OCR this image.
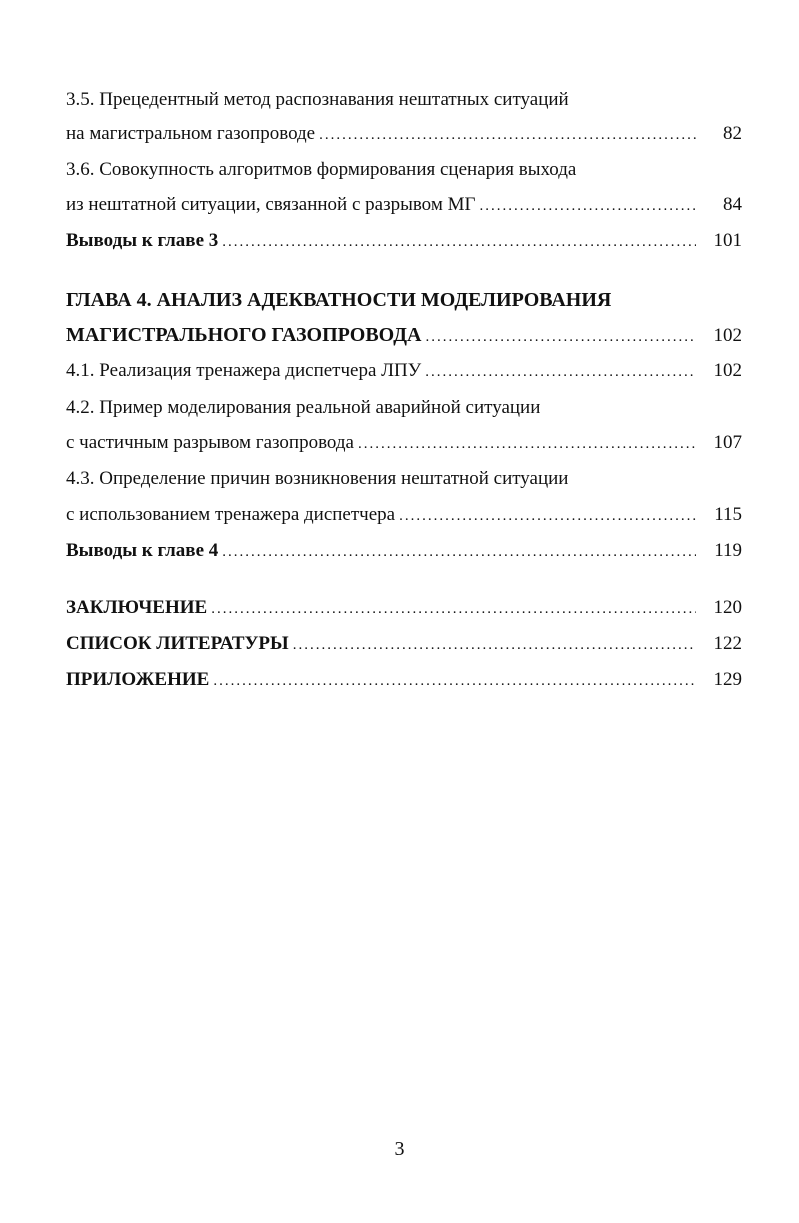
3.5. Прецедентный метод распознавания нештатных ситуаций
на магистральном газопроводе .....	82
3.6. Совокупность алгоритмов формирования сценария выхода
из нештатной ситуации, связанной с разрывом МГ .....	84
Выводы к главе 3 .....	101
ГЛАВА 4. АНАЛИЗ АДЕКВАТНОСТИ МОДЕЛИРОВАНИЯ
МАГИСТРАЛЬНОГО ГАЗОПРОВОДА .....	102
4.1. Реализация тренажера диспетчера ЛПУ .....	102
4.2. Пример моделирования реальной аварийной ситуации
с частичным разрывом газопровода .....	107
4.3. Определение причин возникновения нештатной ситуации
с использованием тренажера диспетчера .....	115
Выводы к главе 4 .....	119
ЗАКЛЮЧЕНИЕ .....	120
СПИСОК ЛИТЕРАТУРЫ .....	122
ПРИЛОЖЕНИЕ .....	129
3
